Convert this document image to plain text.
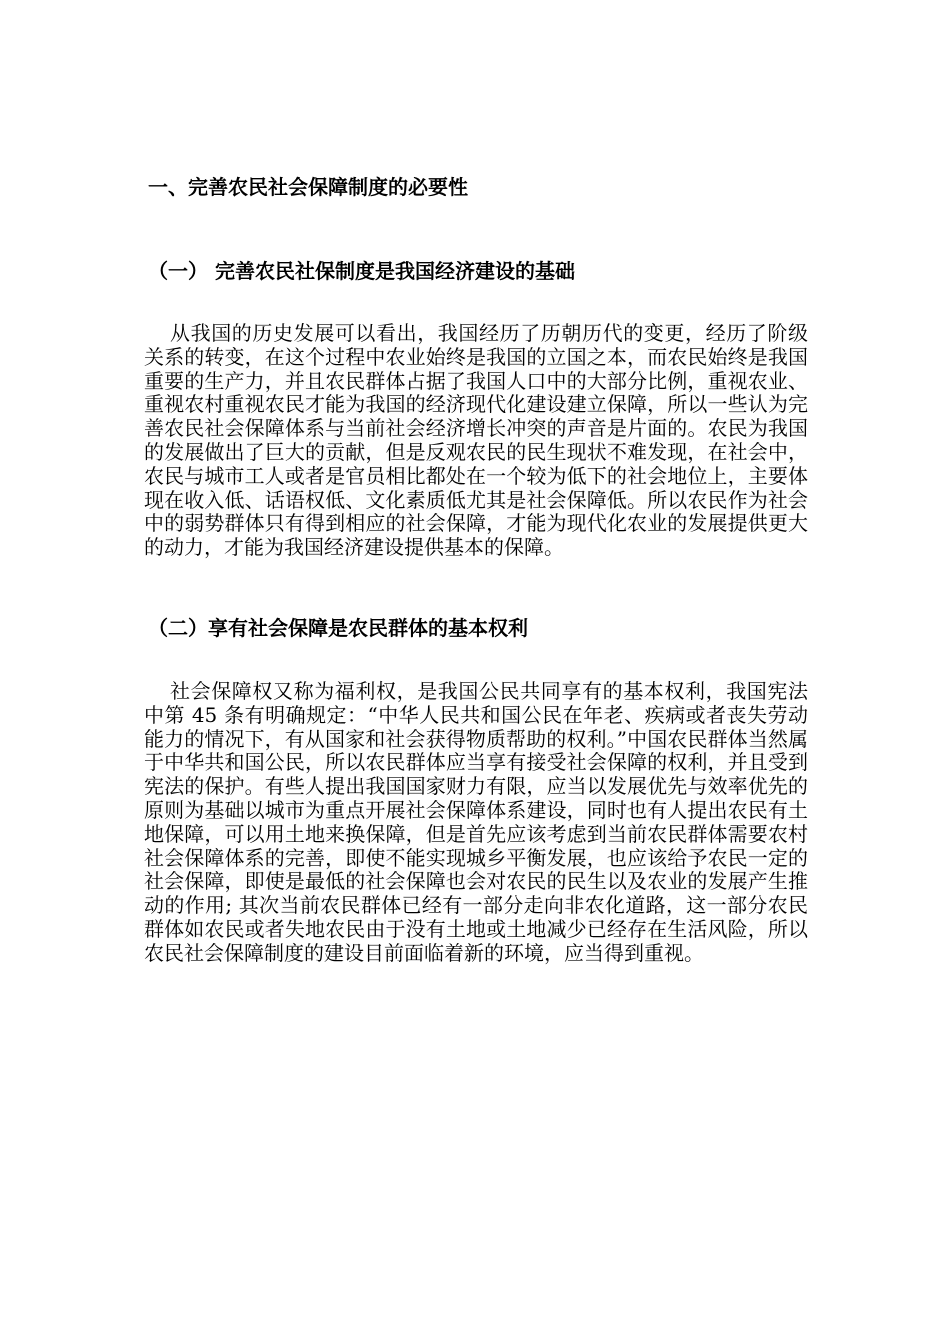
一、完善农民社会保障制度的必要性
（一） 完善农民社保制度是我国经济建设的基础

从我国的历史发展可以看出，我国经历了历朝历代的变更，经历了阶级关系的转变，在这个过程中农业始终是我国的立国之本，而农民始终是我国重要的生产力，并且农民群体占据了我国人口中的大部分比例，重视农业、重视农村重视农民才能为我国的经济现代化建设建立保障，所以一些认为完善农民社会保障体系与当前社会经济增长冲突的声音是片面的。农民为我国的发展做出了巨大的贡献，但是反观农民的民生现状不难发现，在社会中，农民与城市工人或者是官员相比都处在一个较为低下的社会地位上，主要体现在收入低、话语权低、文化素质低尤其是社会保障低。所以农民作为社会中的弱势群体只有得到相应的社会保障，才能为现代化农业的发展提供更大的动力，才能为我国经济建设提供基本的保障。

（二）享有社会保障是农民群体的基本权利

社会保障权又称为福利权，是我国公民共同享有的基本权利，我国宪法中第 45 条有明确规定：“中华人民共和国公民在年老、疾病或者丧失劳动能力的情况下，有从国家和社会获得物质帮助的权利。”中国农民群体当然属于中华共和国公民，所以农民群体应当享有接受社会保障的权利，并且受到宪法的保护。有些人提出我国国家财力有限，应当以发展优先与效率优先的原则为基础以城市为重点开展社会保障体系建设，同时也有人提出农民有土地保障，可以用土地来换保障，但是首先应该考虑到当前农民群体需要农村社会保障体系的完善，即使不能实现城乡平衡发展，也应该给予农民一定的社会保障，即使是最低的社会保障也会对农民的民生以及农业的发展产生推动的作用; 其次当前农民群体已经有一部分走向非农化道路，这一部分农民群体如农民或者失地农民由于没有土地或土地减少已经存在生活风险，所以农民社会保障制度的建设目前面临着新的环境，应当得到重视。
